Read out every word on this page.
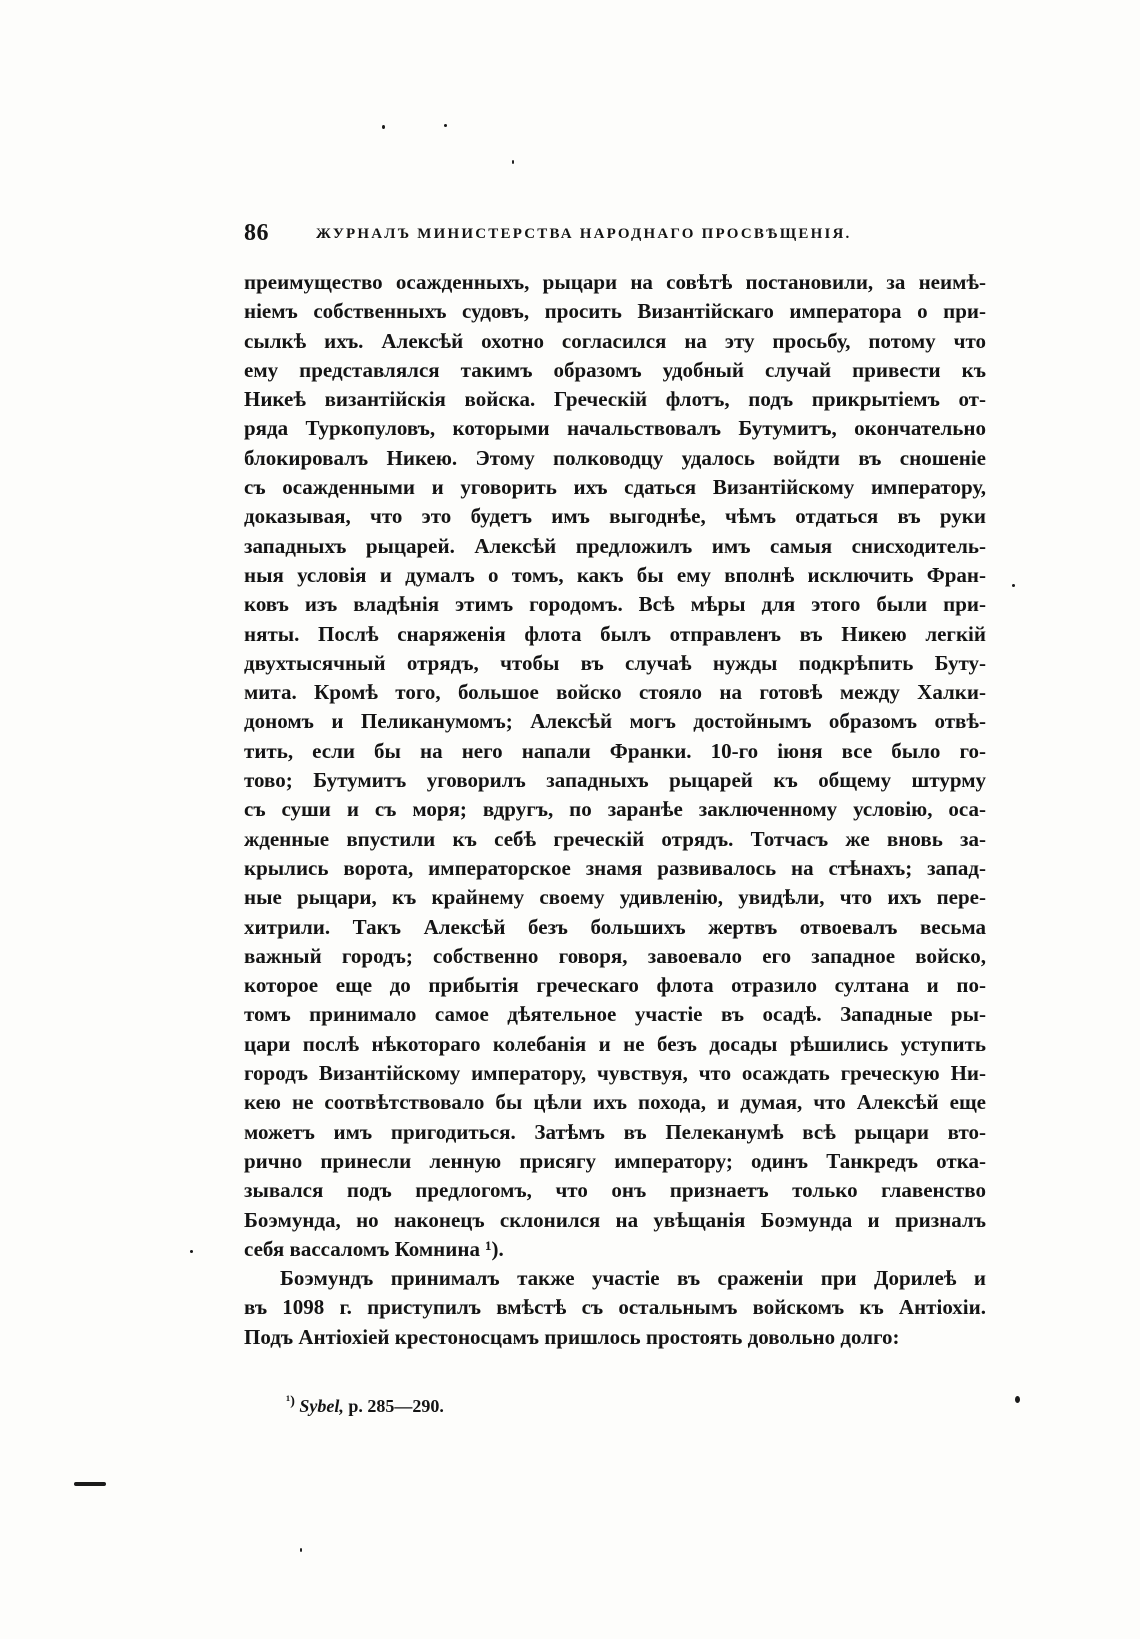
86	ЖУРНАЛЪ МИНИСТЕРСТВА НАРОДНАГО ПРОСВѢЩЕНІЯ.
преимущество осажденныхъ, рыцари на совѣтѣ постановили, за неимѣ-
ніемъ собственныхъ судовъ, просить Византійскаго императора о при-
сылкѣ ихъ. Алексѣй охотно согласился на эту просьбу, потому что
ему представлялся такимъ образомъ удобный случай привести къ
Никеѣ византійскія войска. Греческій флотъ, подъ прикрытіемъ от-
ряда Туркопуловъ, которыми начальствовалъ Бутумитъ, окончательно
блокировалъ Никею. Этому полководцу удалось войдти въ сношеніе
съ осажденными и уговорить ихъ сдаться Византійскому императору,
доказывая, что это будетъ имъ выгоднѣе, чѣмъ отдаться въ руки
западныхъ рыцарей. Алексѣй предложилъ имъ самыя снисходитель-
ныя условія и думалъ о томъ, какъ бы ему вполнѣ исключить Фран-
ковъ изъ владѣнія этимъ городомъ. Всѣ мѣры для этого были при-
няты. Послѣ снаряженія флота былъ отправленъ въ Никею легкій
двухтысячный отрядъ, чтобы въ случаѣ нужды подкрѣпить Буту-
мита. Кромѣ того, большое войско стояло на готовѣ между Халки-
дономъ и Пеликанумомъ; Алексѣй могъ достойнымъ образомъ отвѣ-
тить, если бы на него напали Франки. 10-го іюня все было го-
тово; Бутумитъ уговорилъ западныхъ рыцарей къ общему штурму
съ суши и съ моря; вдругъ, по заранѣе заключенному условію, оса-
жденные впустили къ себѣ греческій отрядъ. Тотчасъ же вновь за-
крылись ворота, императорское знамя развивалось на стѣнахъ; запад-
ные рыцари, къ крайнему своему удивленію, увидѣли, что ихъ пере-
хитрили. Такъ Алексѣй безъ большихъ жертвъ отвоевалъ весьма
важный городъ; собственно говоря, завоевало его западное войско,
которое еще до прибытія греческаго флота отразило султана и по-
томъ принимало самое дѣятельное участіе въ осадѣ. Западные ры-
цари послѣ нѣкотораго колебанія и не безъ досады рѣшились уступить
городъ Византійскому императору, чувствуя, что осаждать греческую Ни-
кею не соотвѣтствовало бы цѣли ихъ похода, и думая, что Алексѣй еще
можетъ имъ пригодиться. Затѣмъ въ Пелеканумѣ всѣ рыцари вто-
рично принесли ленную присягу императору; одинъ Танкредъ отка-
зывался подъ предлогомъ, что онъ признаетъ только главенство
Боэмунда, но наконецъ склонился на увѣщанія Боэмунда и призналъ
себя вассаломъ Комнина ¹).
Боэмундъ принималъ также участіе въ сраженіи при Дорилеѣ и
въ 1098 г. приступилъ вмѣстѣ съ остальнымъ войскомъ къ Антіохіи.
Подъ Антіохіей крестоносцамъ пришлось простоять довольно долго:
$^{^1)}$ Sybel, p. 285—290.
